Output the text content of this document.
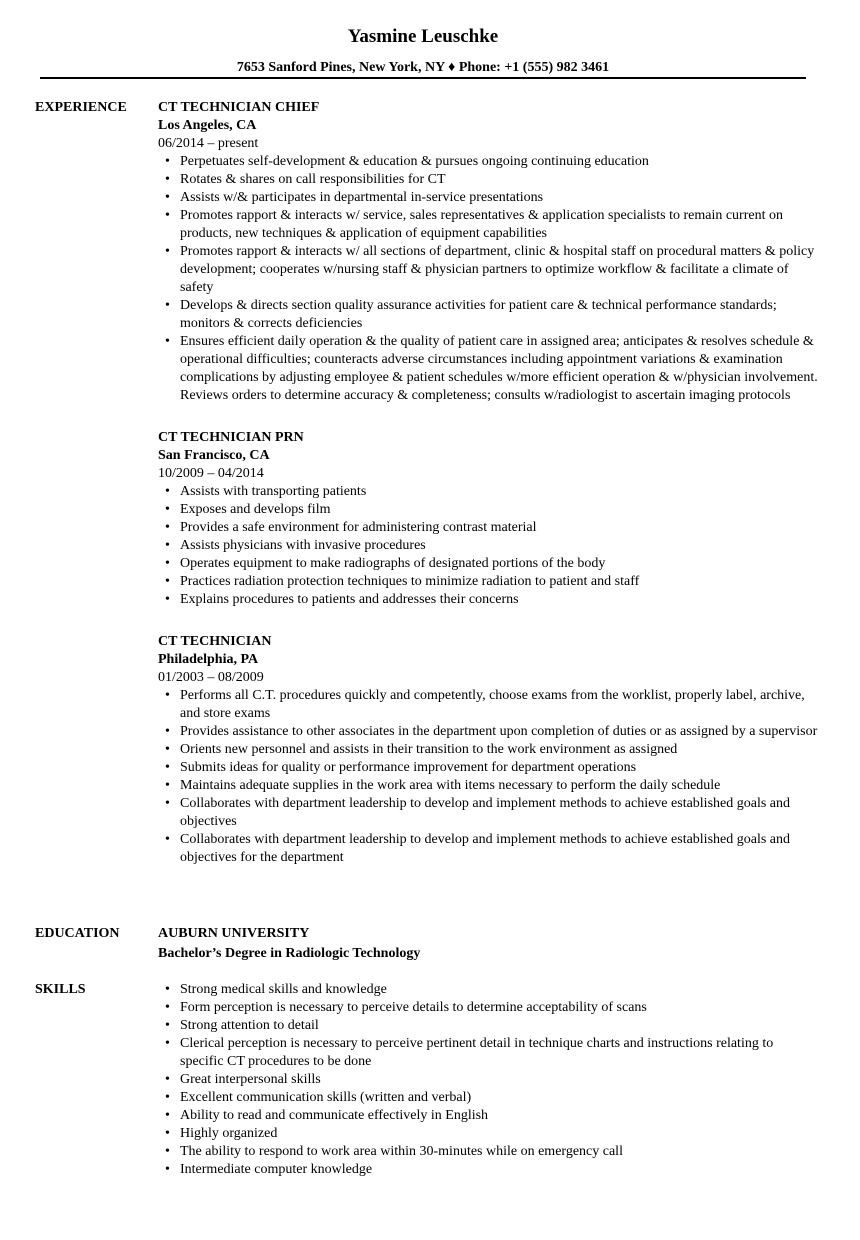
Yasmine Leuschke
7653 Sanford Pines, New York, NY ♦ Phone: +1 (555) 982 3461
EXPERIENCE CT TECHNICIAN CHIEF
Los Angeles, CA
06/2014 – present
• Perpetuates self-development & education & pursues ongoing continuing education
• Rotates & shares on call responsibilities for CT
• Assists w/& participates in departmental in-service presentations
• Promotes rapport & interacts w/ service, sales representatives & application specialists to remain current on products, new techniques & application of equipment capabilities
• Promotes rapport & interacts w/ all sections of department, clinic & hospital staff on procedural matters & policy development; cooperates w/nursing staff & physician partners to optimize workflow & facilitate a climate of safety
• Develops & directs section quality assurance activities for patient care & technical performance standards; monitors & corrects deficiencies
• Ensures efficient daily operation & the quality of patient care in assigned area; anticipates & resolves schedule & operational difficulties; counteracts adverse circumstances including appointment variations & examination complications by adjusting employee & patient schedules w/more efficient operation & w/physician involvement. Reviews orders to determine accuracy & completeness; consults w/radiologist to ascertain imaging protocols
CT TECHNICIAN PRN
San Francisco, CA
10/2009 – 04/2014
• Assists with transporting patients
• Exposes and develops film
• Provides a safe environment for administering contrast material
• Assists physicians with invasive procedures
• Operates equipment to make radiographs of designated portions of the body
• Practices radiation protection techniques to minimize radiation to patient and staff
• Explains procedures to patients and addresses their concerns
CT TECHNICIAN
Philadelphia, PA
01/2003 – 08/2009
• Performs all C.T. procedures quickly and competently, choose exams from the worklist, properly label, archive, and store exams
• Provides assistance to other associates in the department upon completion of duties or as assigned by a supervisor
• Orients new personnel and assists in their transition to the work environment as assigned
• Submits ideas for quality or performance improvement for department operations
• Maintains adequate supplies in the work area with items necessary to perform the daily schedule
• Collaborates with department leadership to develop and implement methods to achieve established goals and objectives
• Collaborates with department leadership to develop and implement methods to achieve established goals and objectives for the department
EDUCATION	AUBURN UNIVERSITY
Bachelor’s Degree in Radiologic Technology
SKILLS
•	Strong medical skills and knowledge
• Form perception is necessary to perceive details to determine acceptability of scans
• Strong attention to detail
• Clerical perception is necessary to perceive pertinent detail in technique charts and instructions relating to specific CT procedures to be done
• Great interpersonal skills
• Excellent communication skills (written and verbal)
• Ability to read and communicate effectively in English
• Highly organized
• The ability to respond to work area within 30-minutes while on emergency call
• Intermediate computer knowledge
